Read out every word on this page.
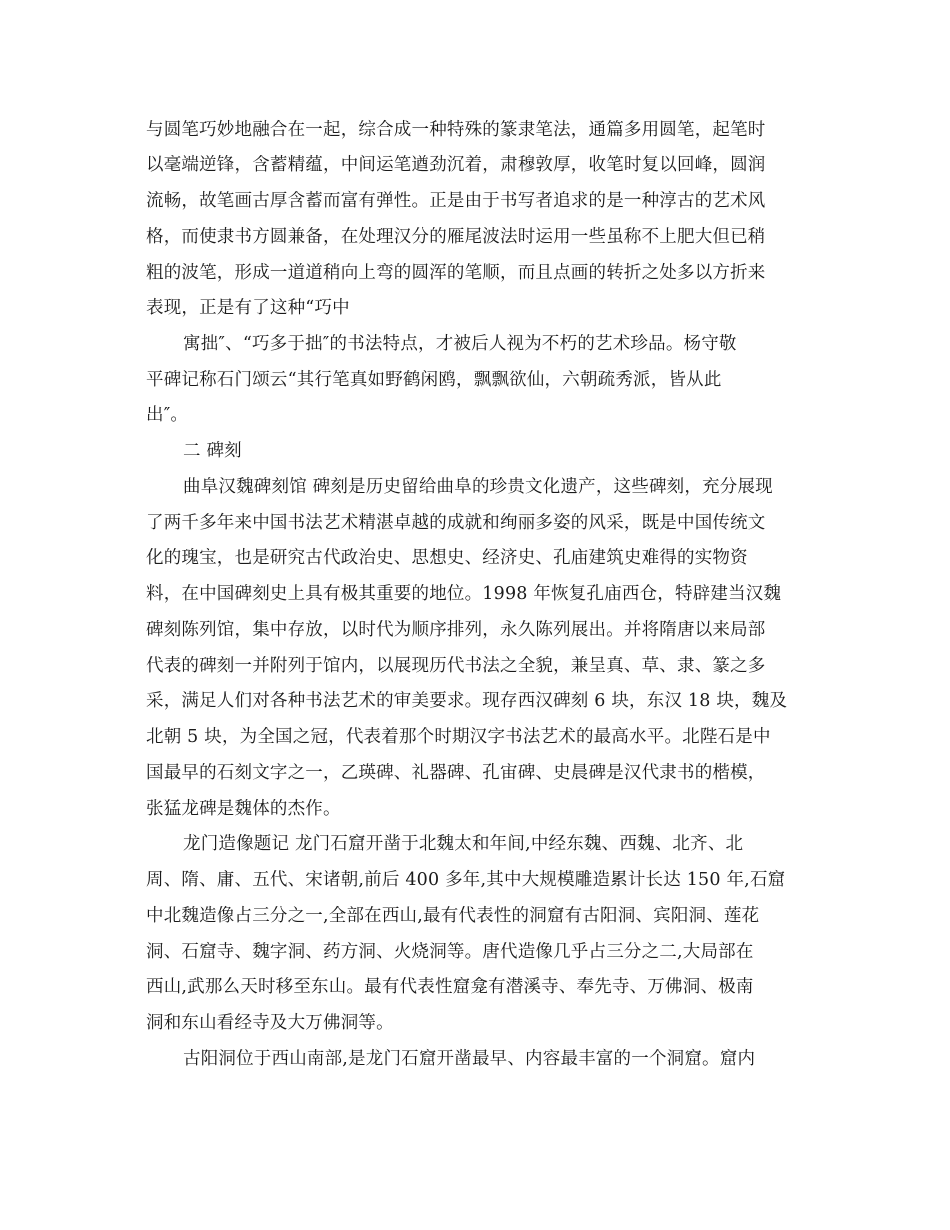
与圆笔巧妙地融合在一起，综合成一种特殊的篆隶笔法，通篇多用圆笔，起笔时
以毫端逆锋，含蓄精蕴，中间运笔遒劲沉着，肃穆敦厚，收笔时复以回峰，圆润
流畅，故笔画古厚含蓄而富有弹性。正是由于书写者追求的是一种淳古的艺术风
格，而使隶书方圆兼备，在处理汉分的雁尾波法时运用一些虽称不上肥大但已稍
粗的波笔，形成一道道稍向上弯的圆浑的笔顺，而且点画的转折之处多以方折来
表现，正是有了这种“巧中
寓拙″、“巧多于拙″的书法特点，才被后人视为不朽的艺术珍品。杨守敬
平碑记称石门颂云“其行笔真如野鹤闲鸥，飘飘欲仙，六朝疏秀派，皆从此
出″。
二 碑刻
曲阜汉魏碑刻馆 碑刻是历史留给曲阜的珍贵文化遗产，这些碑刻，充分展现
了两千多年来中国书法艺术精湛卓越的成就和绚丽多姿的风采，既是中国传统文
化的瑰宝，也是研究古代政治史、思想史、经济史、孔庙建筑史难得的实物资
料，在中国碑刻史上具有极其重要的地位。1998 年恢复孔庙西仓，特辟建当汉魏
碑刻陈列馆，集中存放，以时代为顺序排列，永久陈列展出。并将隋唐以来局部
代表的碑刻一并附列于馆内，以展现历代书法之全貌，兼呈真、草、隶、篆之多
采，满足人们对各种书法艺术的审美要求。现存西汉碑刻 6 块，东汉 18 块，魏及
北朝 5 块，为全国之冠，代表着那个时期汉字书法艺术的最高水平。北陛石是中
国最早的石刻文字之一，乙瑛碑、礼器碑、孔宙碑、史晨碑是汉代隶书的楷模，
张猛龙碑是魏体的杰作。
龙门造像题记 龙门石窟开凿于北魏太和年间,中经东魏、西魏、北齐、北
周、隋、庸、五代、宋诸朝,前后 400 多年,其中大规模雕造累计长达 150 年,石窟
中北魏造像占三分之一,全部在西山,最有代表性的洞窟有古阳洞、宾阳洞、莲花
洞、石窟寺、魏字洞、药方洞、火烧洞等。唐代造像几乎占三分之二,大局部在
西山,武那么天时移至东山。最有代表性窟龛有潜溪寺、奉先寺、万佛洞、极南
洞和东山看经寺及大万佛洞等。
古阳洞位于西山南部,是龙门石窟开凿最早、内容最丰富的一个洞窟。窟内
